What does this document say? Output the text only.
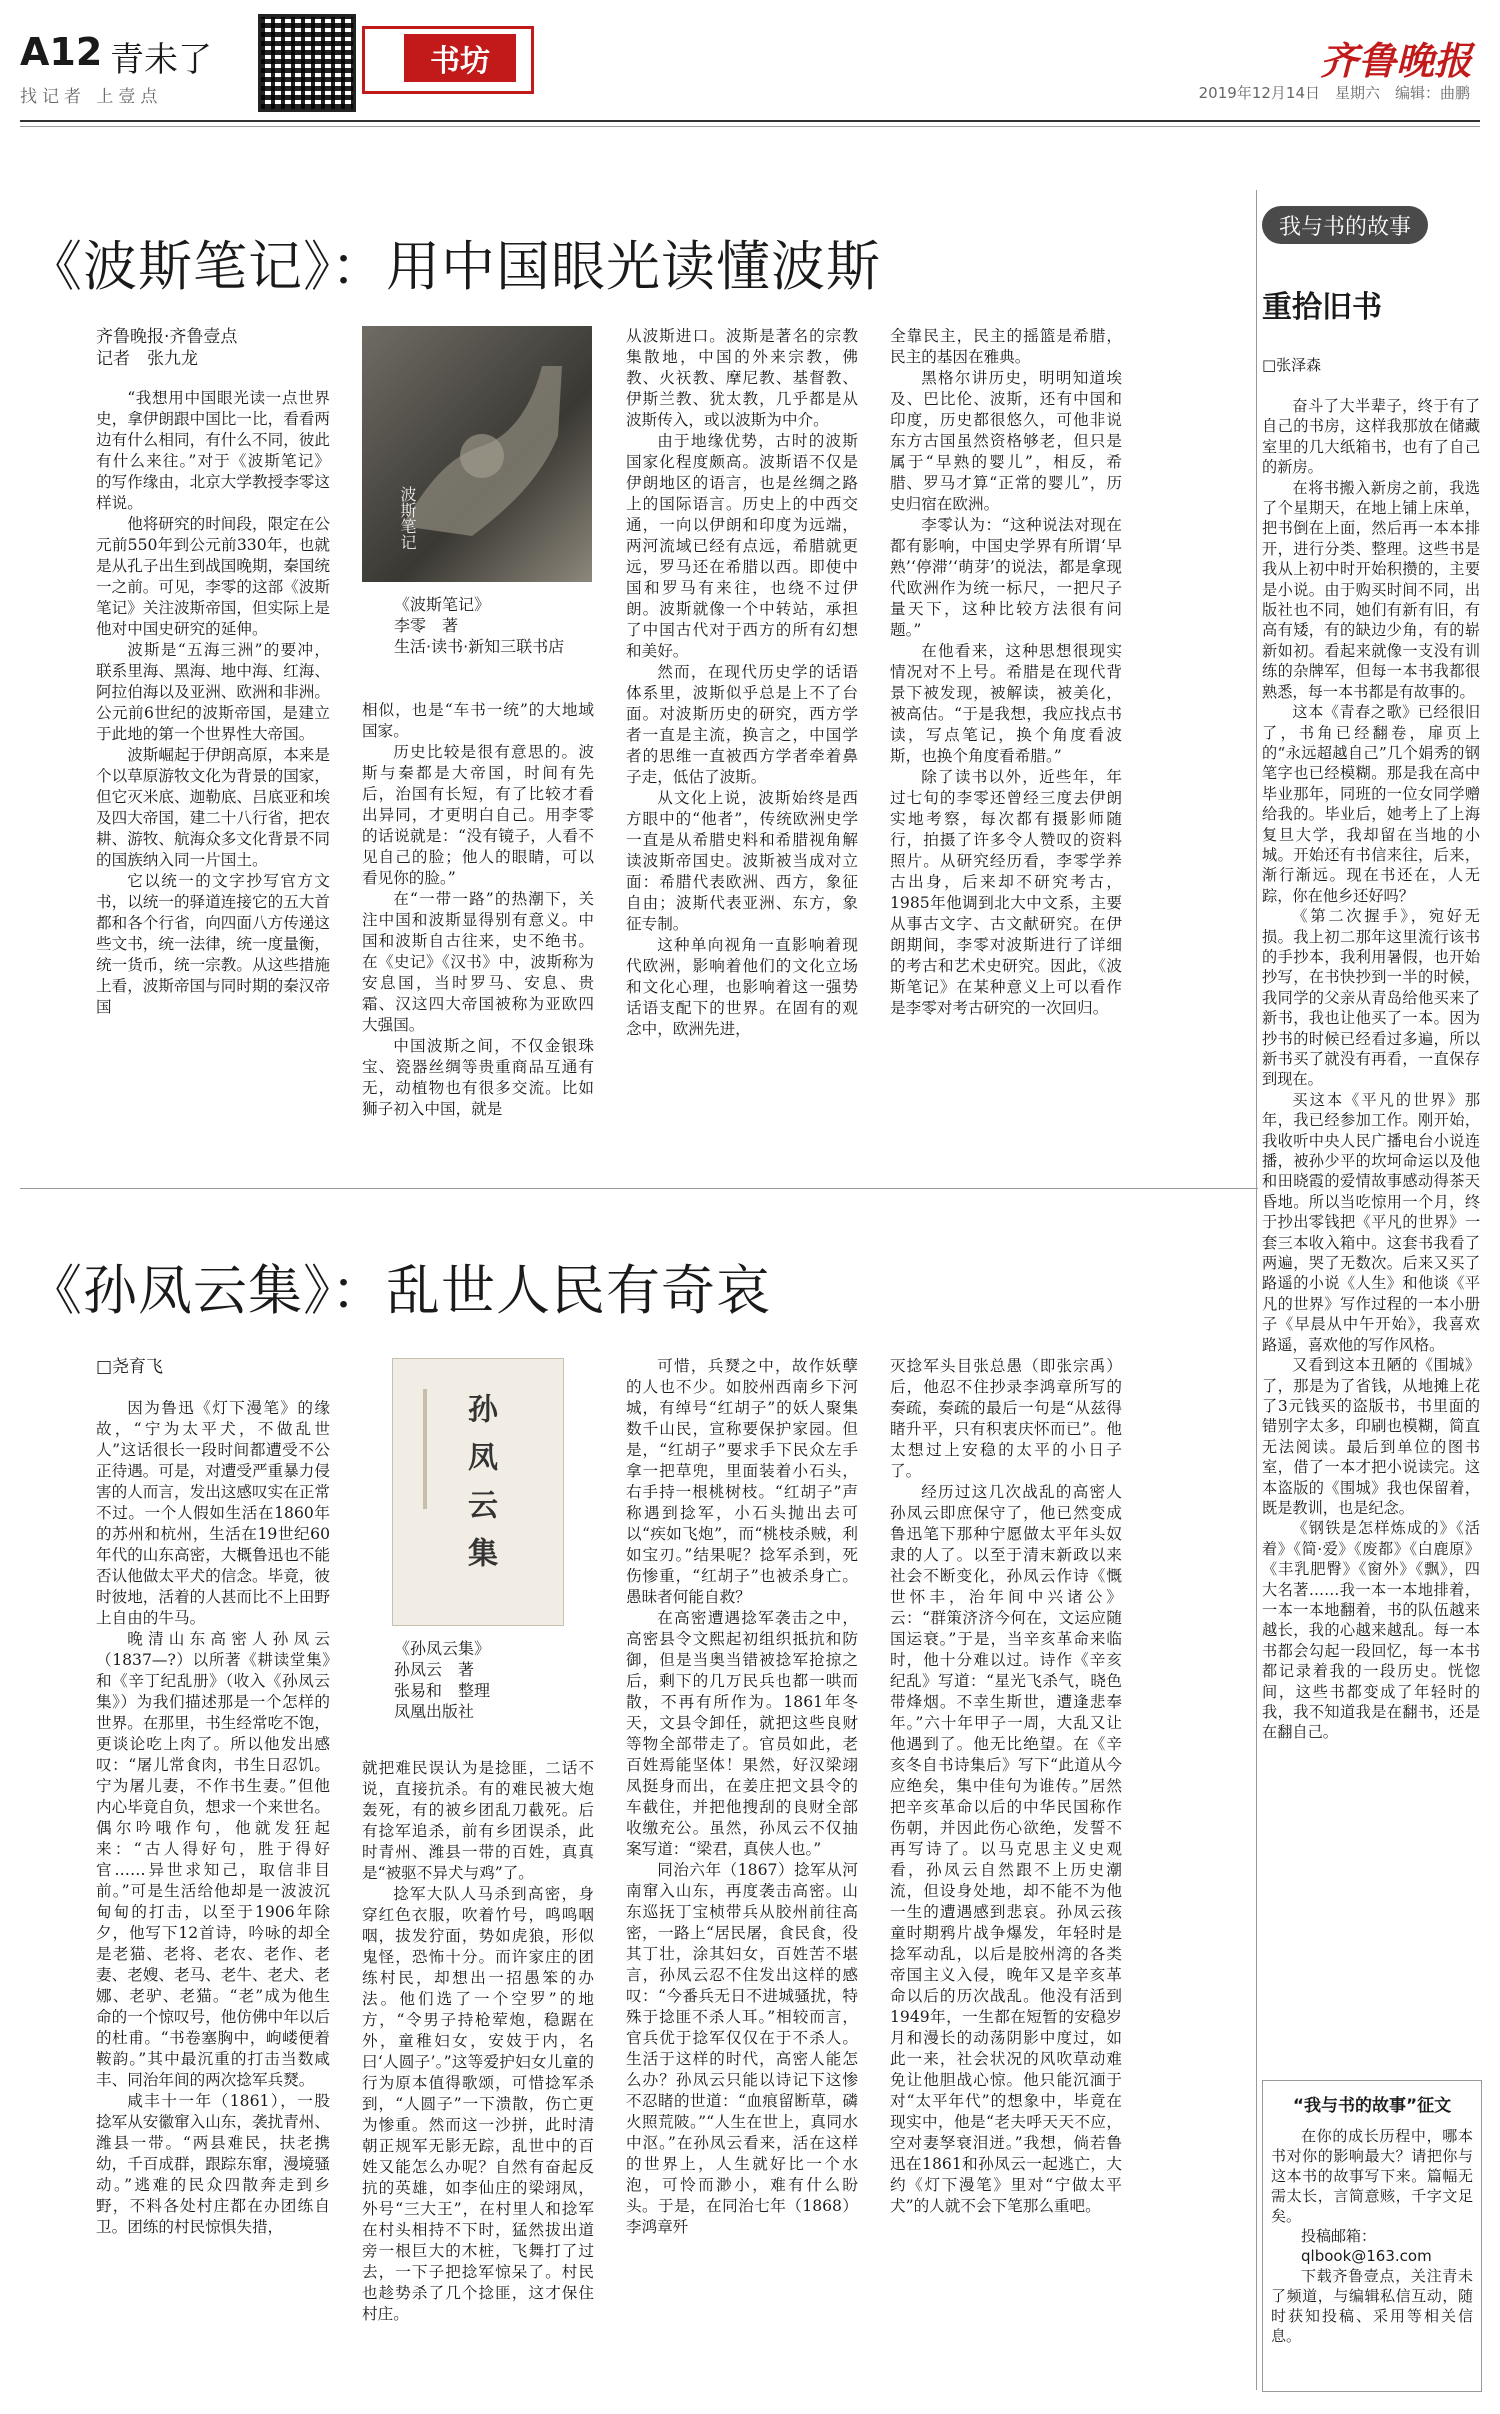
A12 青未了
找记者 上壹点
书坊	齐鲁晚报
2019年12月14日　星期六　编辑：曲鹏
《波斯笔记》：用中国眼光读懂波斯
齐鲁晚报·齐鲁壹点
记者　张九龙

“我想用中国眼光读一点世界史，拿伊朗跟中国比一比，看看两边有什么相同，有什么不同，彼此有什么来往。”对于《波斯笔记》的写作缘由，北京大学教授李零这样说。

他将研究的时间段，限定在公元前550年到公元前330年，也就是从孔子出生到战国晚期，秦国统一之前。可见，李零的这部《波斯笔记》关注波斯帝国，但实际上是他对中国史研究的延伸。

波斯是“五海三洲”的要冲，联系里海、黑海、地中海、红海、阿拉伯海以及亚洲、欧洲和非洲。公元前6世纪的波斯帝国，是建立于此地的第一个世界性大帝国。

波斯崛起于伊朗高原，本来是个以草原游牧文化为背景的国家，但它灭米底、迦勒底、吕底亚和埃及四大帝国，建二十八行省，把农耕、游牧、航海众多文化背景不同的国族纳入同一片国土。

它以统一的文字抄写官方文书，以统一的驿道连接它的五大首都和各个行省，向四面八方传递这些文书，统一法律，统一度量衡，统一货币，统一宗教。从这些措施上看，波斯帝国与同时期的秦汉帝国

波斯笔记
《波斯笔记》
李零　著
生活·读书·新知三联书店

相似，也是“车书一统”的大地域国家。

历史比较是很有意思的。波斯与秦都是大帝国，时间有先后，治国有长短，有了比较才看出异同，才更明白自己。用李零的话说就是：“没有镜子，人看不见自己的脸；他人的眼睛，可以看见你的脸。”

在“一带一路”的热潮下，关注中国和波斯显得别有意义。中国和波斯自古往来，史不绝书。在《史记》《汉书》中，波斯称为安息国，当时罗马、安息、贵霜、汉这四大帝国被称为亚欧四大强国。

中国波斯之间，不仅金银珠宝、瓷器丝绸等贵重商品互通有无，动植物也有很多交流。比如狮子初入中国，就是

从波斯进口。波斯是著名的宗教集散地，中国的外来宗教，佛教、火祆教、摩尼教、基督教、伊斯兰教、犹太教，几乎都是从波斯传入，或以波斯为中介。

由于地缘优势，古时的波斯国家化程度颇高。波斯语不仅是伊朗地区的语言，也是丝绸之路上的国际语言。历史上的中西交通，一向以伊朗和印度为远端，两河流域已经有点远，希腊就更远，罗马还在希腊以西。即使中国和罗马有来往，也绕不过伊朗。波斯就像一个中转站，承担了中国古代对于西方的所有幻想和美好。

然而，在现代历史学的话语体系里，波斯似乎总是上不了台面。对波斯历史的研究，西方学者一直是主流，换言之，中国学者的思维一直被西方学者牵着鼻子走，低估了波斯。

从文化上说，波斯始终是西方眼中的“他者”，传统欧洲史学一直是从希腊史料和希腊视角解读波斯帝国史。波斯被当成对立面：希腊代表欧洲、西方，象征自由；波斯代表亚洲、东方，象征专制。

这种单向视角一直影响着现代欧洲，影响着他们的文化立场和文化心理，也影响着这一强势话语支配下的世界。在固有的观念中，欧洲先进，

全靠民主，民主的摇篮是希腊，民主的基因在雅典。

黑格尔讲历史，明明知道埃及、巴比伦、波斯，还有中国和印度，历史都很悠久，可他非说东方古国虽然资格够老，但只是属于“早熟的婴儿”，相反，希腊、罗马才算“正常的婴儿”，历史归宿在欧洲。

李零认为：“这种说法对现在都有影响，中国史学界有所谓‘早熟’‘停滞’‘萌芽’的说法，都是拿现代欧洲作为统一标尺，一把尺子量天下，这种比较方法很有问题。”

在他看来，这种思想很现实情况对不上号。希腊是在现代背景下被发现，被解读，被美化，被高估。“于是我想，我应找点书读，写点笔记，换个角度看波斯，也换个角度看希腊。”

除了读书以外，近些年，年过七旬的李零还曾经三度去伊朗实地考察，每次都有摄影师随行，拍摄了许多令人赞叹的资料照片。从研究经历看，李零学养古出身，后来却不研究考古，1985年他调到北大中文系，主要从事古文字、古文献研究。在伊朗期间，李零对波斯进行了详细的考古和艺术史研究。因此，《波斯笔记》在某种意义上可以看作是李零对考古研究的一次回归。

《孙凤云集》：乱世人民有奇哀
□尧育飞

因为鲁迅《灯下漫笔》的缘故，“宁为太平犬，不做乱世人”这话很长一段时间都遭受不公正待遇。可是，对遭受严重暴力侵害的人而言，发出这感叹实在正常不过。一个人假如生活在1860年的苏州和杭州，生活在19世纪60年代的山东高密，大概鲁迅也不能否认他做太平犬的信念。毕竟，彼时彼地，活着的人甚而比不上田野上自由的牛马。

晚清山东高密人孙凤云（1837—?）以所著《耕读堂集》和《辛丁纪乱册》（收入《孙凤云集》）为我们描述那是一个怎样的世界。在那里，书生经常吃不饱，更谈论吃上肉了。所以他发出感叹：“屠儿常食肉，书生日忍饥。宁为屠儿妻，不作书生妻。”但他内心毕竟自负，想求一个来世名。偶尔吟哦作句，他就发狂起来：“古人得好句，胜于得好官……异世求知己，取信非目前。”可是生活给他却是一波波沉甸甸的打击，以至于1906年除夕，他写下12首诗，吟咏的却全是老猫、老将、老农、老作、老妻、老嫂、老马、老牛、老犬、老娜、老驴、老猫。“老”成为他生命的一个惊叹号，他仿佛中年以后的杜甫。“书卷塞胸中，岣嵝便着鞍韵。”其中最沉重的打击当数咸丰、同治年间的两次捻军兵燹。

咸丰十一年（1861），一股捻军从安徽窜入山东，袭扰青州、潍县一带。“两县难民，扶老携幼，千百成群，跟踪东窜，漫境骚动。”逃难的民众四散奔走到乡野，不料各处村庄都在办团练自卫。团练的村民惊惧失措，

孙凤云集
《孙凤云集》
孙凤云　著
张易和　整理
凤凰出版社

就把难民误认为是捻匪，二话不说，直接抗杀。有的难民被大炮轰死，有的被乡团乱刀截死。后有捻军追杀，前有乡团误杀，此时青州、潍县一带的百姓，真真是“被驱不异犬与鸡”了。

捻军大队人马杀到高密，身穿红色衣服，吹着竹号，鸣鸣咽咽，拔发狞面，势如虎狼，形似鬼怪，恐怖十分。而许家庄的团练村民，却想出一招愚笨的办法。他们选了一个空罗”的地方，“令男子持枪荤炮，稳踞在外，童稚妇女，安妓于内，名曰‘人圆子’。”这等爱护妇女儿童的行为原本值得歌颂，可惜捻军杀到，“人圆子”一下溃散，伤亡更为惨重。然而这一沙拼，此时清朝正规军无影无踪，乱世中的百姓又能怎么办呢？自然有奋起反抗的英雄，如李仙庄的梁翊凤，外号“三大王”，在村里人和捻军在村头相持不下时，猛然拔出道旁一根巨大的木桩，飞舞打了过去，一下子把捻军惊呆了。村民也趁势杀了几个捻匪，这才保住村庄。

可惜，兵燹之中，故作妖孽的人也不少。如胶州西南乡下河城，有绰号“红胡子”的妖人聚集数千山民，宣称要保护家园。但是，“红胡子”要求手下民众左手拿一把草兜，里面装着小石头，右手持一根桃树枝。“红胡子”声称遇到捻军，小石头抛出去可以“疾如飞炮”，而“桃枝杀贼，利如宝刃。”结果呢？捻军杀到，死伤惨重，“红胡子”也被杀身亡。愚昧者何能自救？

在高密遭遇捻军袭击之中，高密县令文熙起初组织抵抗和防御，但是当奥当错被捻军抢掠之后，剩下的几万民兵也都一哄而散，不再有所作为。1861年冬天，文县令卸任，就把这些良财等物全部带走了。官员如此，老百姓焉能坚体！果然，好汉梁翊凤挺身而出，在姜庄把文县令的车截住，并把他搜刮的良财全部收缴充公。虽然，孙凤云不仅抽案写道：“梁君，真侠人也。”

同治六年（1867）捻军从河南窜入山东，再度袭击高密。山东巡抚丁宝桢带兵从胶州前往高密，一路上“居民屠，食民食，役其丁壮，涂其妇女，百姓苦不堪言，孙凤云忍不住发出这样的感叹：“今番兵无日不进城骚扰，特殊于捻匪不杀人耳。”相较而言，官兵优于捻军仅仅在于不杀人。生活于这样的时代，高密人能怎么办？孙凤云只能以诗记下这惨不忍睹的世道：“血痕留断草，磷火照荒陂。”“人生在世上，真同水中沤。”在孙凤云看来，活在这样的世界上，人生就好比一个水泡，可怜而渺小，难有什么盼头。于是，在同治七年（1868）李鸿章歼

灭捻军头目张总愚（即张宗禹）后，他忍不住抄录李鸿章所写的奏疏，奏疏的最后一句是“从兹得睹升平，只有积衷庆怀而已”。他太想过上安稳的太平的小日子了。

经历过这几次战乱的高密人孙凤云即庶保守了，他已然变成鲁迅笔下那种宁愿做太平年头奴隶的人了。以至于清末新政以来社会不断变化，孙凤云作诗《慨世怀丰，治年间中兴诸公》云：“群策济济今何在，文运应随国运衰。”于是，当辛亥革命来临时，他十分难以过。诗作《辛亥纪乱》写道：“星光飞杀气，晓色带烽烟。不幸生斯世，遭逢悲奉年。”六十年甲子一周，大乱又让他遇到了。他无比绝望。在《辛亥冬自书诗集后》写下“此道从今应绝矣，集中佳句为谁传。”居然把辛亥革命以后的中华民国称作伤朝，并因此伤心欲绝，发誓不再写诗了。以马克思主义史观看，孙凤云自然跟不上历史潮流，但设身处地，却不能不为他一生的遭遇感到悲哀。孙凤云孩童时期鸦片战争爆发，年轻时是捻军动乱，以后是胶州湾的各类帝国主义入侵，晚年又是辛亥革命以后的历次战乱。他没有活到1949年，一生都在短暂的安稳岁月和漫长的动荡阴影中度过，如此一来，社会状况的风吹草动难免让他胆战心惊。他只能沉湎于对“太平年代”的想象中，毕竟在现实中，他是“老夫呼天天不应，空对妻孥衰泪迸。”我想，倘若鲁迅在1861和孙凤云一起逃亡，大约《灯下漫笔》里对“宁做太平犬”的人就不会下笔那么重吧。

我与书的故事
重拾旧书
□张泽森

奋斗了大半辈子，终于有了自己的书房，这样我那放在储藏室里的几大纸箱书，也有了自己的新房。

在将书搬入新房之前，我选了个星期天，在地上铺上床单，把书倒在上面，然后再一本本排开，进行分类、整理。这些书是我从上初中时开始积攒的，主要是小说。由于购买时间不同，出版社也不同，她们有新有旧，有高有矮，有的缺边少角，有的崭新如初。看起来就像一支没有训练的杂牌军，但每一本书我都很熟悉，每一本书都是有故事的。

这本《青春之歌》已经很旧了，书角已经翻卷，扉页上的“永远超越自己”几个娟秀的钢笔字也已经模糊。那是我在高中毕业那年，同班的一位女同学赠给我的。毕业后，她考上了上海复旦大学，我却留在当地的小城。开始还有书信来往，后来，渐行渐远。现在书还在，人无踪，你在他乡还好吗？

《第二次握手》，宛好无损。我上初二那年这里流行该书的手抄本，我利用暑假，也开始抄写，在书快抄到一半的时候，我同学的父亲从青岛给他买来了新书，我也让他买了一本。因为抄书的时候已经看过多遍，所以新书买了就没有再看，一直保存到现在。

买这本《平凡的世界》那年，我已经参加工作。刚开始，我收听中央人民广播电台小说连播，被孙少平的坎坷命运以及他和田晓霞的爱情故事感动得茶天昏地。所以当吃惊用一个月，终于抄出零钱把《平凡的世界》一套三本收入箱中。这套书我看了两遍，哭了无数次。后来又买了路遥的小说《人生》和他谈《平凡的世界》写作过程的一本小册子《早晨从中午开始》，我喜欢路遥，喜欢他的写作风格。

又看到这本丑陋的《围城》了，那是为了省钱，从地摊上花了3元钱买的盗版书，书里面的错别字太多，印刷也模糊，简直无法阅读。最后到单位的图书室，借了一本才把小说读完。这本盗版的《围城》我也保留着，既是教训，也是纪念。

《钢铁是怎样炼成的》《活着》《简·爱》《废都》《白鹿原》《丰乳肥臀》《窗外》《飘》，四大名著……我一本一本地排着，一本一本地翻着，书的队伍越来越长，我的心越来越乱。每一本书都会勾起一段回忆，每一本书都记录着我的一段历史。恍惚间，这些书都变成了年轻时的我，我不知道我是在翻书，还是在翻自己。

“我与书的故事”征文

在你的成长历程中，哪本书对你的影响最大？请把你与这本书的故事写下来。篇幅无需太长，言简意赅，千字文足矣。

投稿邮箱：

qlbook@163.com

下载齐鲁壹点，关注青未了频道，与编辑私信互动，随时获知投稿、采用等相关信息。
